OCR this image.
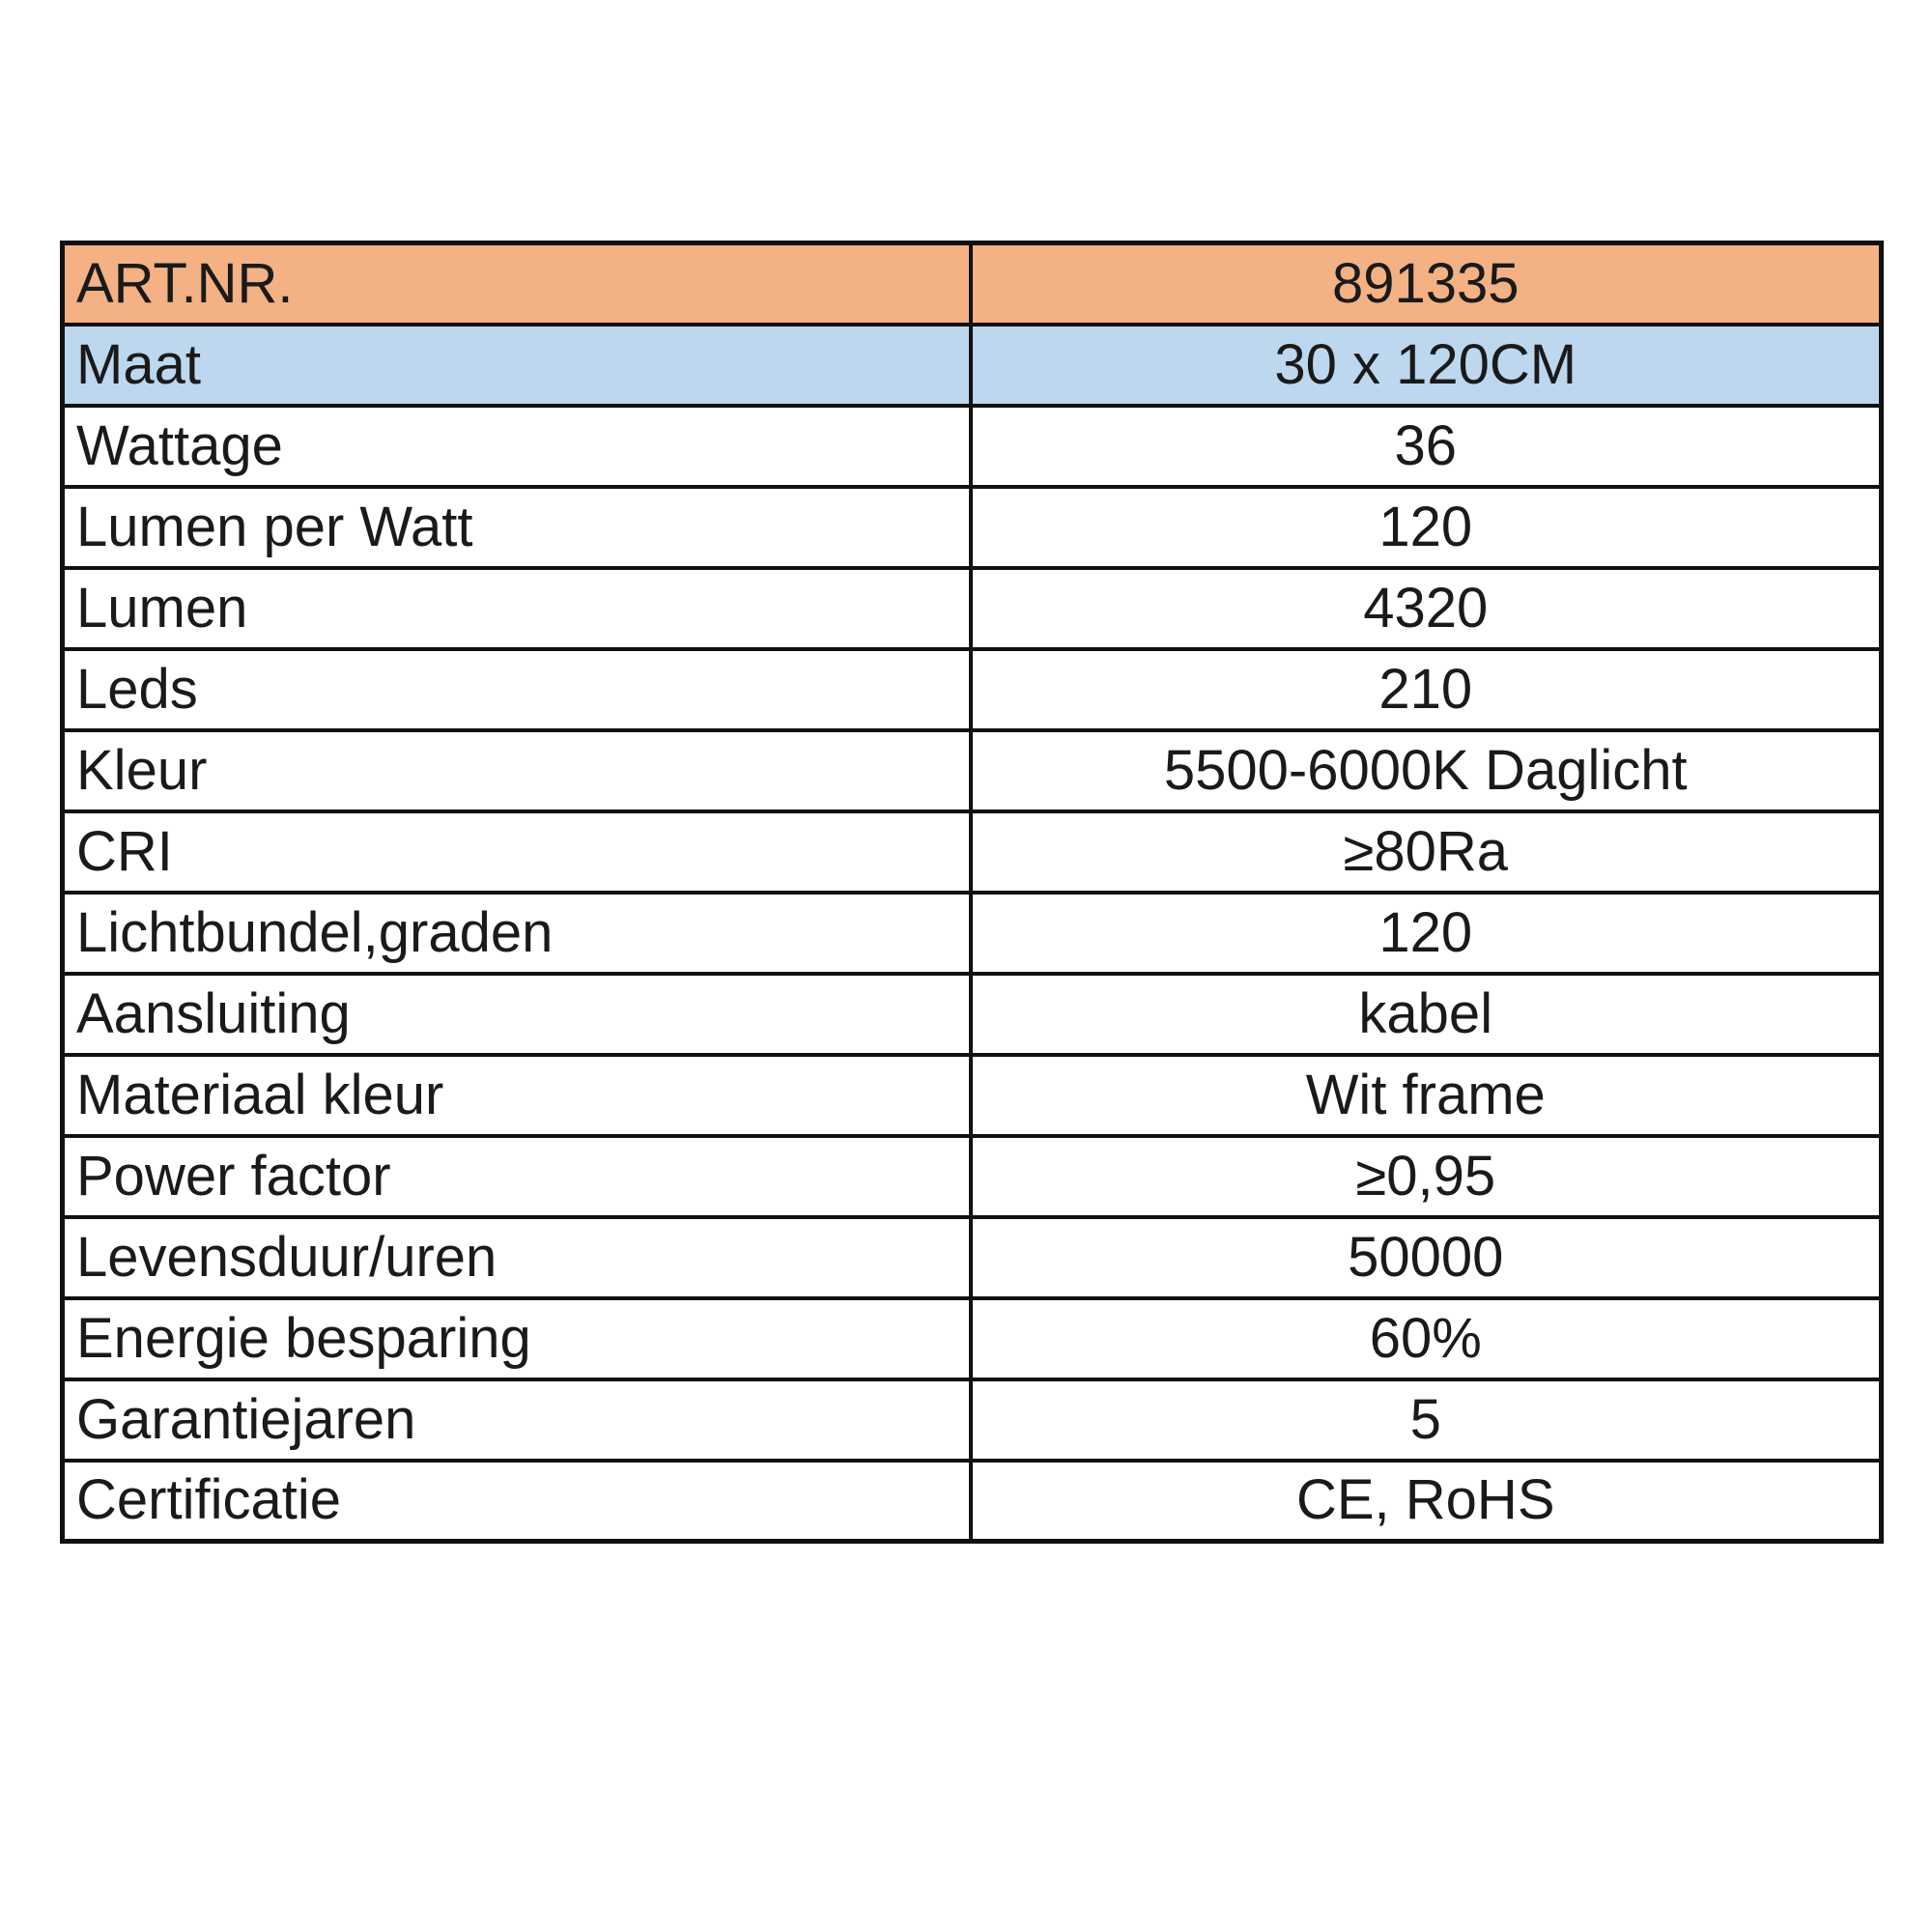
ART.NR.	891335
Maat	30 x 120CM
Wattage	36
Lumen per Watt	120
Lumen	4320
Leds	210
Kleur	5500-6000K Daglicht
CRI	≥80Ra
Lichtbundel,graden	120
Aansluiting	kabel
Materiaal kleur	Wit frame
Power factor	≥0,95
Levensduur/uren	50000
Energie besparing	60%
Garantiejaren	5
Certificatie	CE, RoHS
